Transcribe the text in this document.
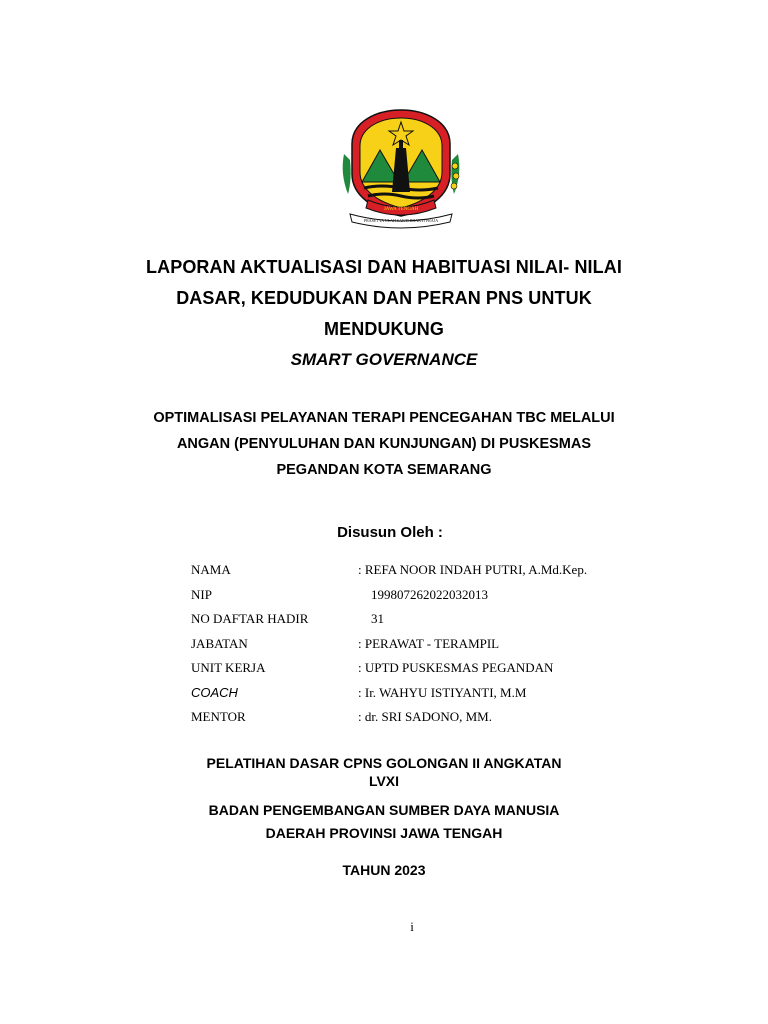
JAWA TENGAH
PRASETYA ULAH SAKTI BHAKTI PRAJA
LAPORAN AKTUALISASI DAN HABITUASI NILAI- NILAI
DASAR, KEDUDUKAN DAN PERAN PNS UNTUK
MENDUKUNG
SMART GOVERNANCE
OPTIMALISASI PELAYANAN TERAPI PENCEGAHAN TBC MELALUI
ANGAN (PENYULUHAN DAN KUNJUNGAN) DI PUSKESMAS
PEGANDAN KOTA SEMARANG
Disusun Oleh :
NAMA	: REFA NOOR INDAH PUTRI, A.Md.Kep.
NIP	199807262022032013
NO DAFTAR HADIR	31
JABATAN	: PERAWAT - TERAMPIL
UNIT KERJA	: UPTD PUSKESMAS PEGANDAN
COACH	: Ir. WAHYU ISTIYANTI, M.M
MENTOR	: dr. SRI SADONO, MM.
PELATIHAN DASAR CPNS GOLONGAN II ANGKATAN
LVXI
BADAN PENGEMBANGAN SUMBER DAYA MANUSIA
DAERAH PROVINSI JAWA TENGAH
TAHUN 2023
i
